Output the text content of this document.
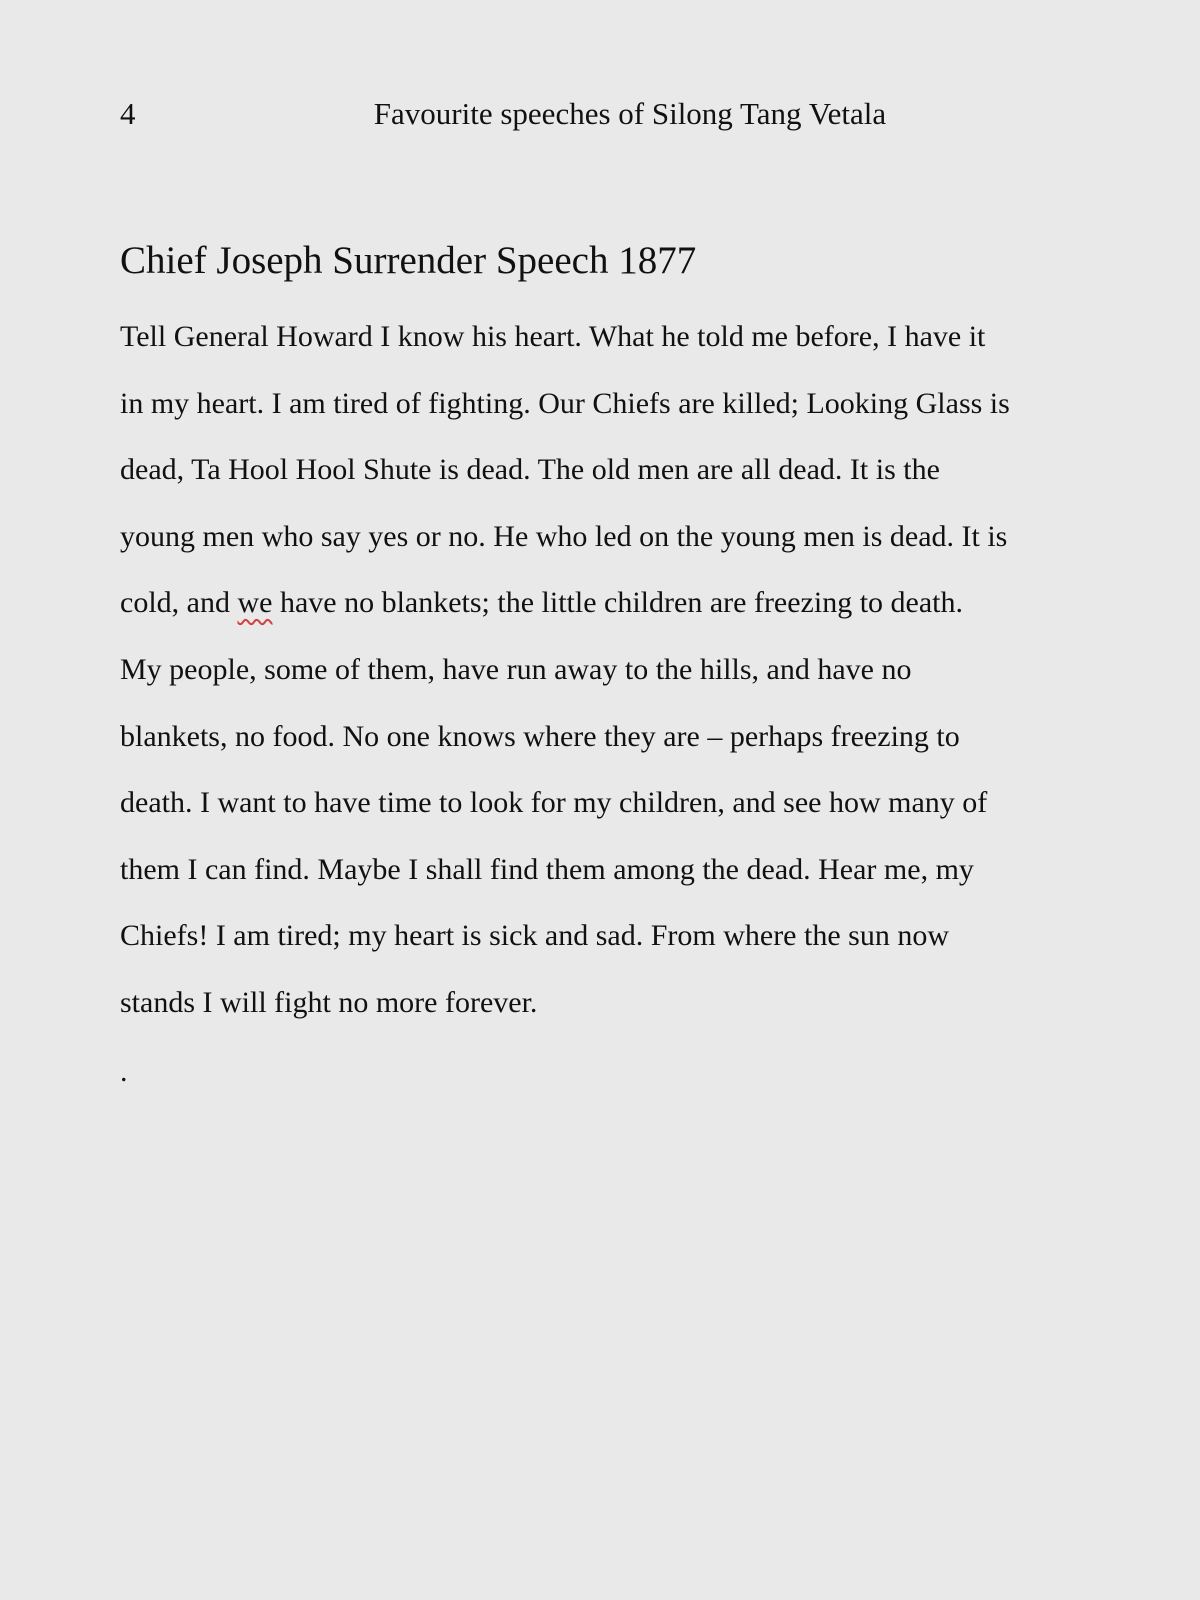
4	Favourite speeches of Silong Tang Vetala
Chief Joseph Surrender Speech 1877
Tell General Howard I know his heart. What he told me before, I have it
in my heart. I am tired of fighting. Our Chiefs are killed; Looking Glass is
dead, Ta Hool Hool Shute is dead. The old men are all dead. It is the
young men who say yes or no. He who led on the young men is dead. It is
cold, and we have no blankets; the little children are freezing to death.
My people, some of them, have run away to the hills, and have no
blankets, no food. No one knows where they are – perhaps freezing to
death. I want to have time to look for my children, and see how many of
them I can find. Maybe I shall find them among the dead. Hear me, my
Chiefs! I am tired; my heart is sick and sad. From where the sun now
stands I will fight no more forever.
.
